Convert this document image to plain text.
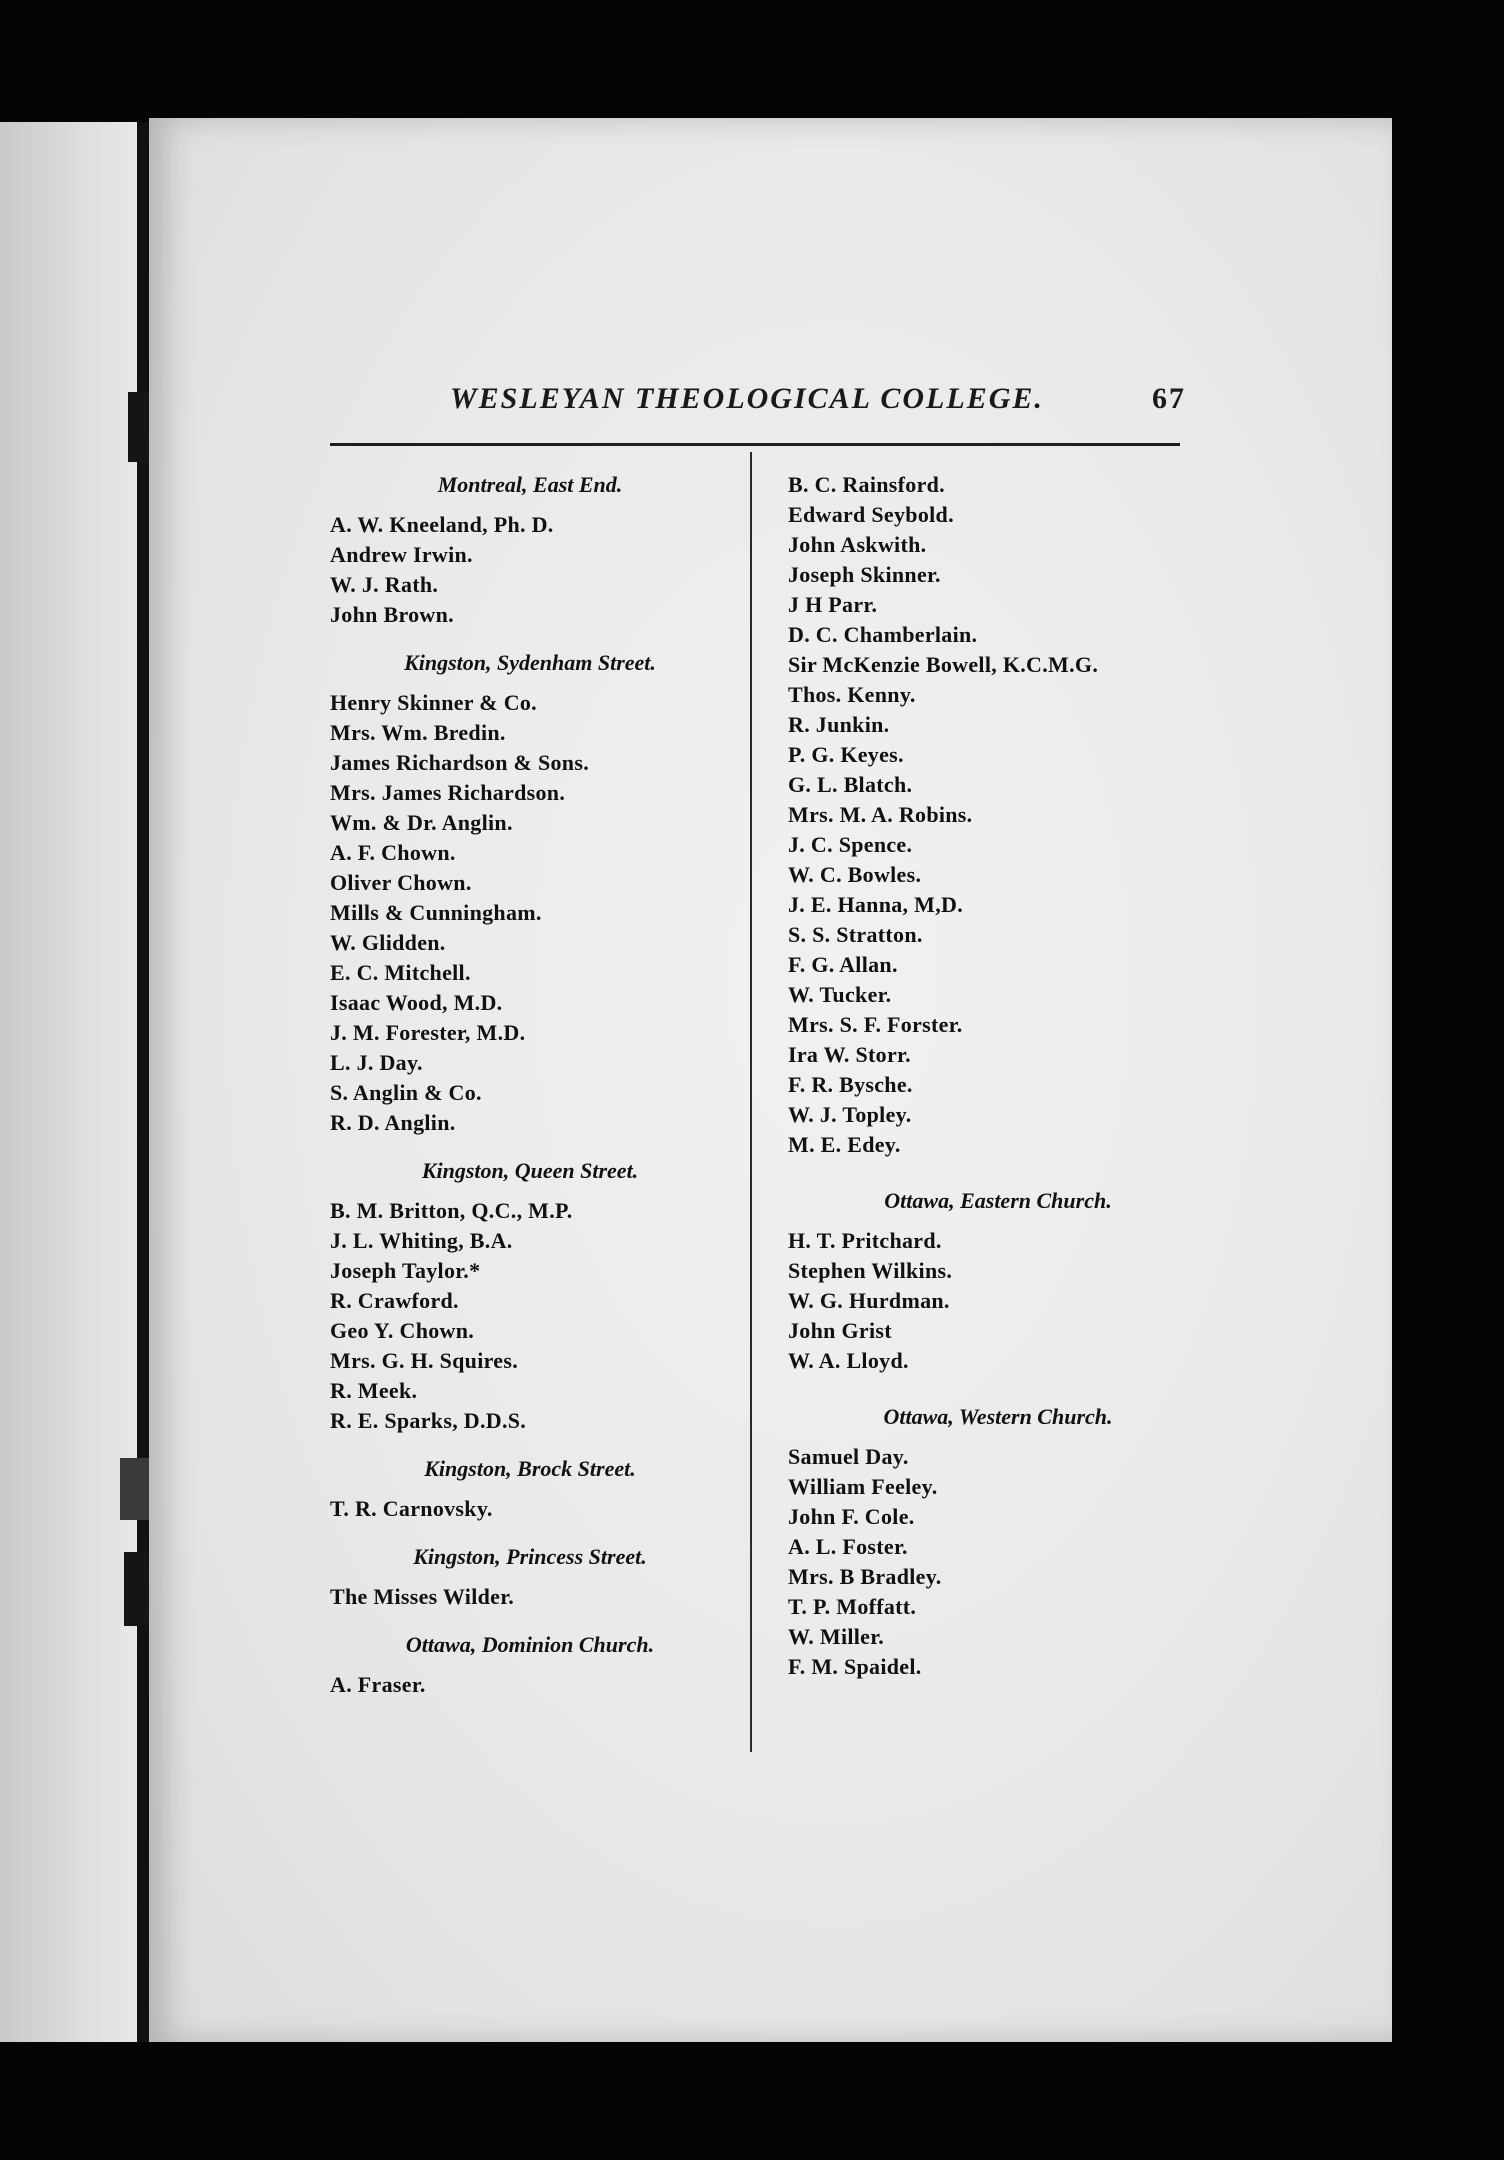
WESLEYAN THEOLOGICAL COLLEGE.	67
Montreal, East End.
A. W. Kneeland, Ph. D.
Andrew Irwin.
W. J. Rath.
John Brown.
Kingston, Sydenham Street.
Henry Skinner & Co.
Mrs. Wm. Bredin.
James Richardson & Sons.
Mrs. James Richardson.
Wm. & Dr. Anglin.
A. F. Chown.
Oliver Chown.
Mills & Cunningham.
W. Glidden.
E. C. Mitchell.
Isaac Wood, M.D.
J. M. Forester, M.D.
L. J. Day.
S. Anglin & Co.
R. D. Anglin.
Kingston, Queen Street.
B. M. Britton, Q.C., M.P.
J. L. Whiting, B.A.
Joseph Taylor.*
R. Crawford.
Geo Y. Chown.
Mrs. G. H. Squires.
R. Meek.
R. E. Sparks, D.D.S.
Kingston, Brock Street.
T. R. Carnovsky.
Kingston, Princess Street.
The Misses Wilder.
Ottawa, Dominion Church.
A. Fraser.
B. C. Rainsford.
Edward Seybold.
John Askwith.
Joseph Skinner.
J H Parr.
D. C. Chamberlain.
Sir McKenzie Bowell, K.C.M.G.
Thos. Kenny.
R. Junkin.
P. G. Keyes.
G. L. Blatch.
Mrs. M. A. Robins.
J. C. Spence.
W. C. Bowles.
J. E. Hanna, M,D.
S. S. Stratton.
F. G. Allan.
W. Tucker.
Mrs. S. F. Forster.
Ira W. Storr.
F. R. Bysche.
W. J. Topley.
M. E. Edey.
Ottawa, Eastern Church.
H. T. Pritchard.
Stephen Wilkins.
W. G. Hurdman.
John Grist
W. A. Lloyd.
Ottawa, Western Church.
Samuel Day.
William Feeley.
John F. Cole.
A. L. Foster.
Mrs. B Bradley.
T. P. Moffatt.
W. Miller.
F. M. Spaidel.
